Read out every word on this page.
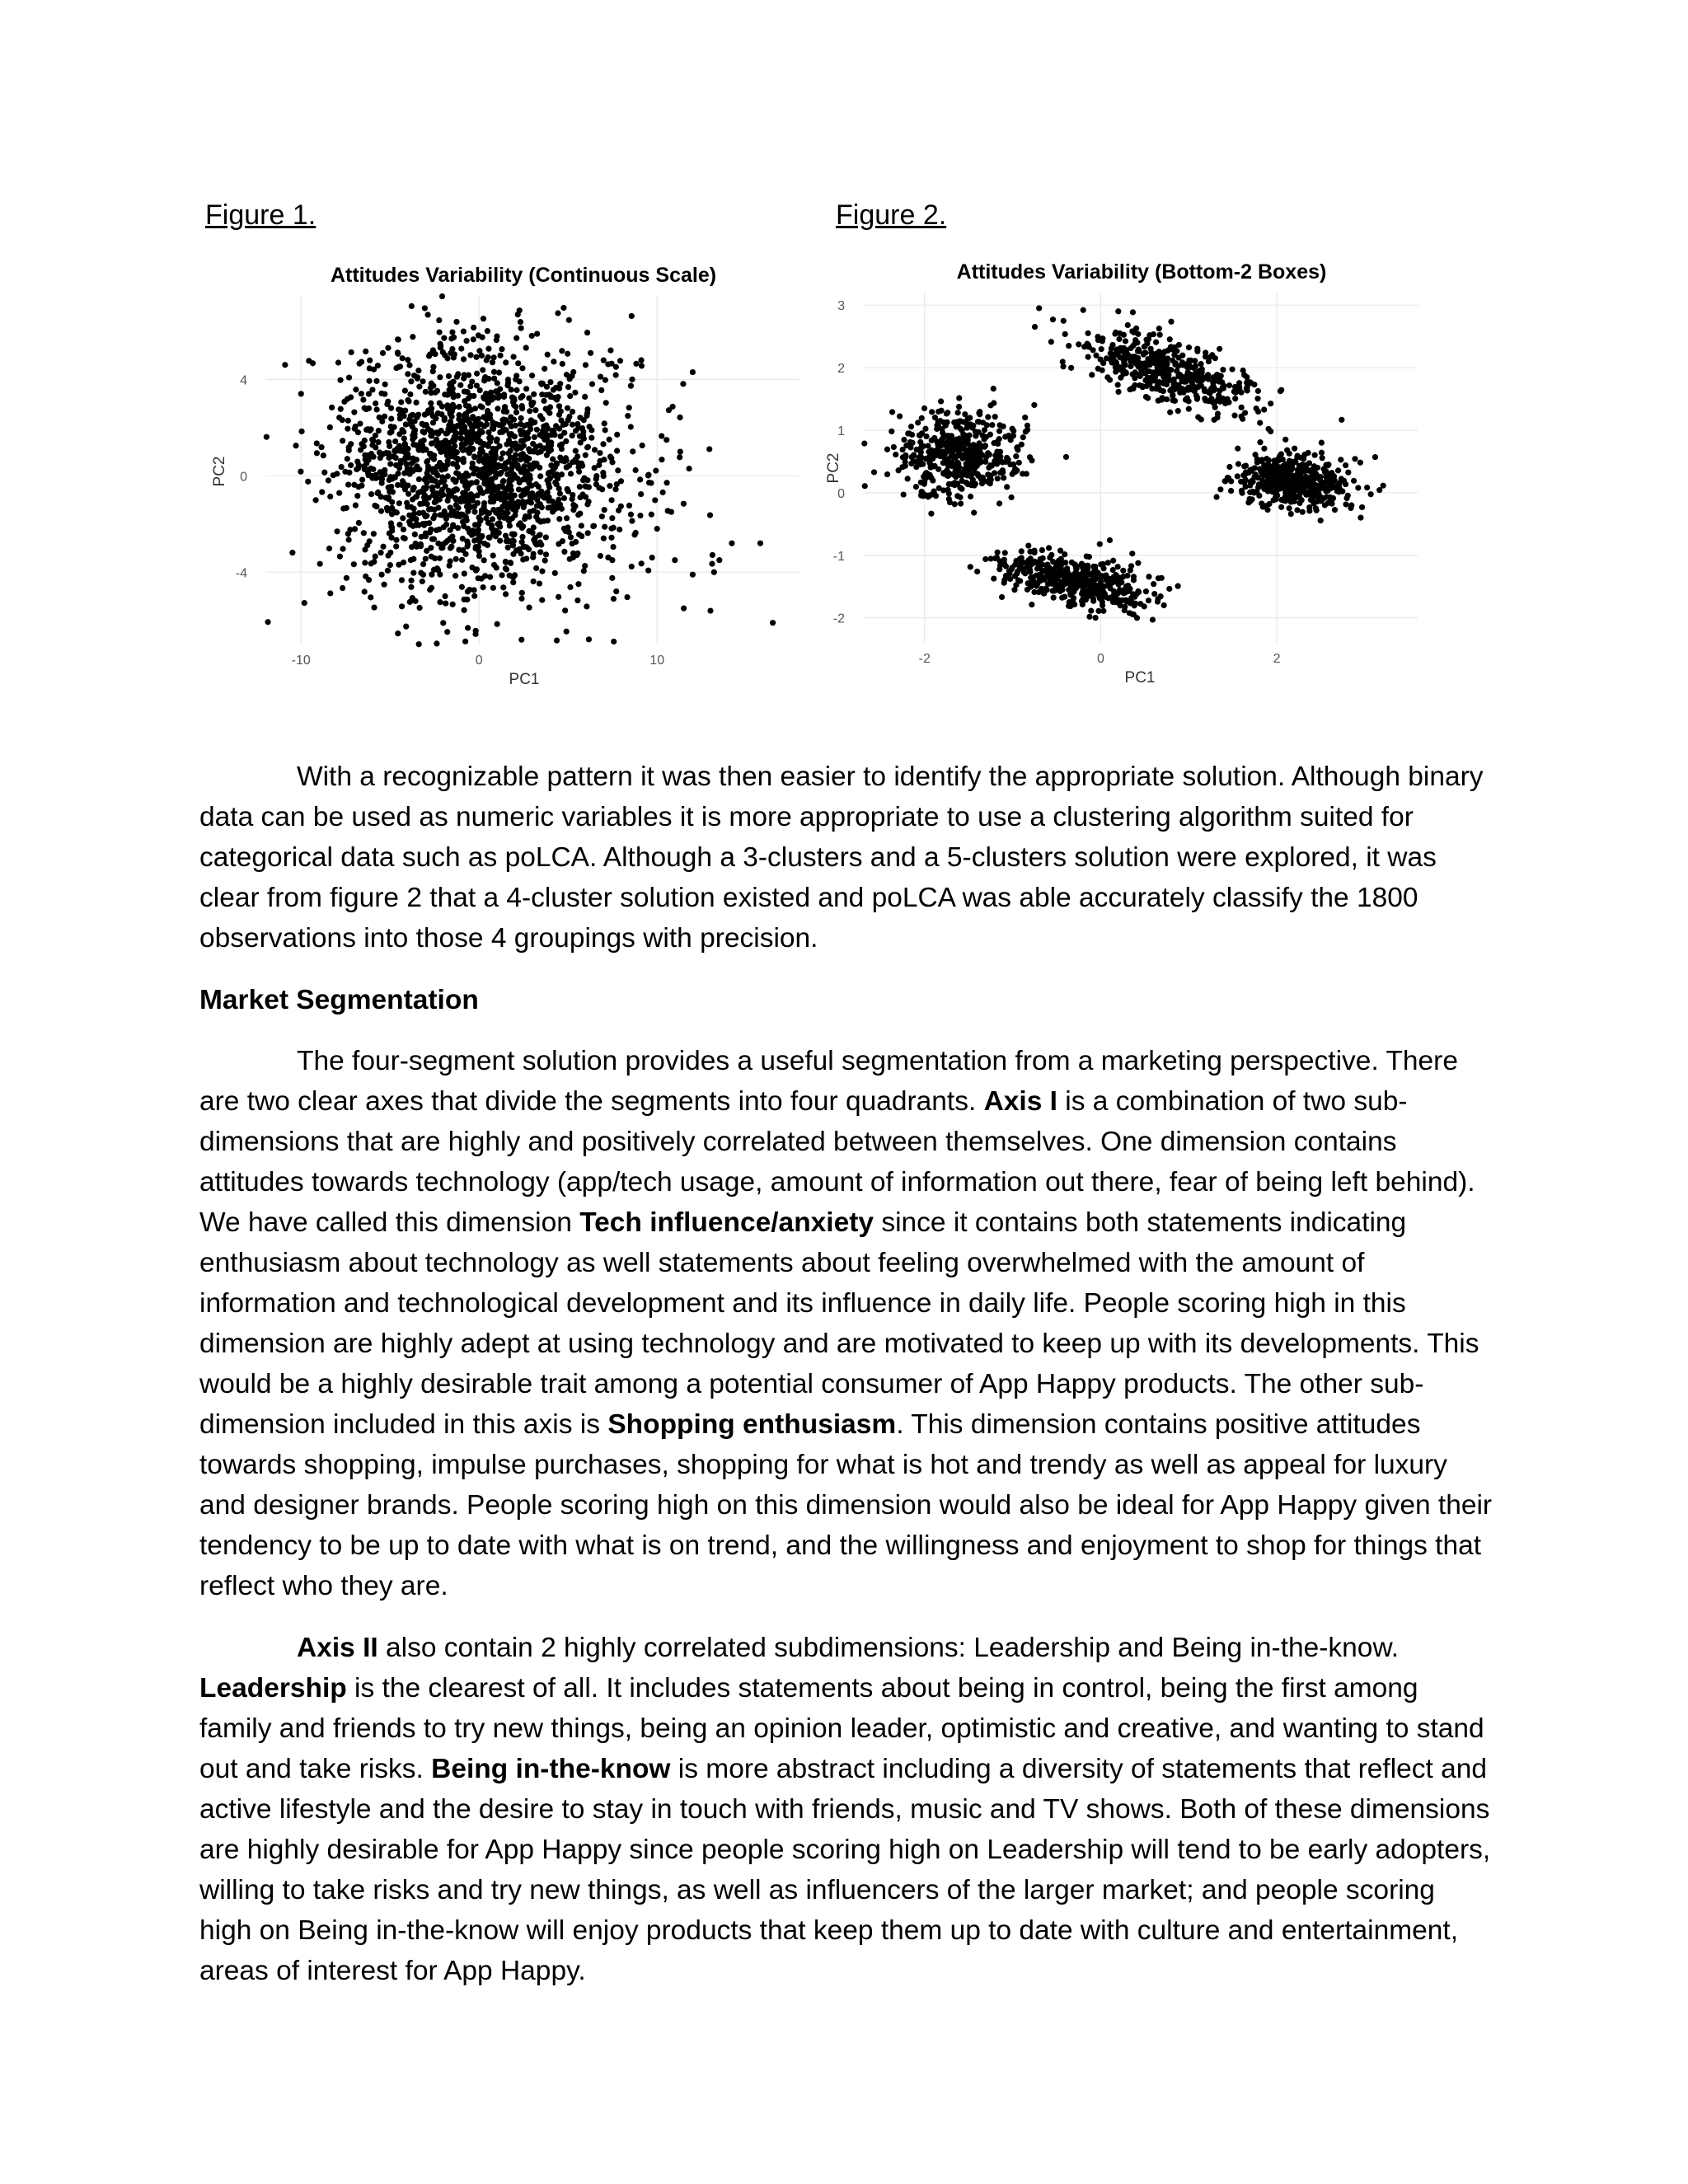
Figure 1.	Figure 2.
Attitudes Variability (Continuous Scale)
-10	0	10
4
0
-4
PC1
PC2
Attitudes Variability (Bottom-2 Boxes)
-2	0	2
3
2
1
0
-1
-2
PC1
PC2

With a recognizable pattern it was then easier to identify the appropriate solution. Although binary data can be used as numeric variables it is more appropriate to use a clustering algorithm suited for categorical data such as poLCA. Although a 3-clusters and a 5-clusters solution were explored, it was clear from figure 2 that a 4-cluster solution existed and poLCA was able accurately classify the 1800 observations into those 4 groupings with precision.

Market Segmentation

The four-segment solution provides a useful segmentation from a marketing perspective. There are two clear axes that divide the segments into four quadrants. Axis I is a combination of two sub-dimensions that are highly and positively correlated between themselves. One dimension contains attitudes towards technology (app/tech usage, amount of information out there, fear of being left behind). We have called this dimension Tech influence/anxiety since it contains both statements indicating enthusiasm about technology as well statements about feeling overwhelmed with the amount of information and technological development and its influence in daily life. People scoring high in this dimension are highly adept at using technology and are motivated to keep up with its developments. This would be a highly desirable trait among a potential consumer of App Happy products. The other sub-dimension included in this axis is Shopping enthusiasm. This dimension contains positive attitudes towards shopping, impulse purchases, shopping for what is hot and trendy as well as appeal for luxury and designer brands. People scoring high on this dimension would also be ideal for App Happy given their tendency to be up to date with what is on trend, and the willingness and enjoyment to shop for things that reflect who they are.

Axis II also contain 2 highly correlated subdimensions: Leadership and Being in-the-know. Leadership is the clearest of all. It includes statements about being in control, being the first among family and friends to try new things, being an opinion leader, optimistic and creative, and wanting to stand out and take risks. Being in-the-know is more abstract including a diversity of statements that reflect and active lifestyle and the desire to stay in touch with friends, music and TV shows. Both of these dimensions are highly desirable for App Happy since people scoring high on Leadership will tend to be early adopters, willing to take risks and try new things, as well as influencers of the larger market; and people scoring high on Being in-the-know will enjoy products that keep them up to date with culture and entertainment, areas of interest for App Happy.
